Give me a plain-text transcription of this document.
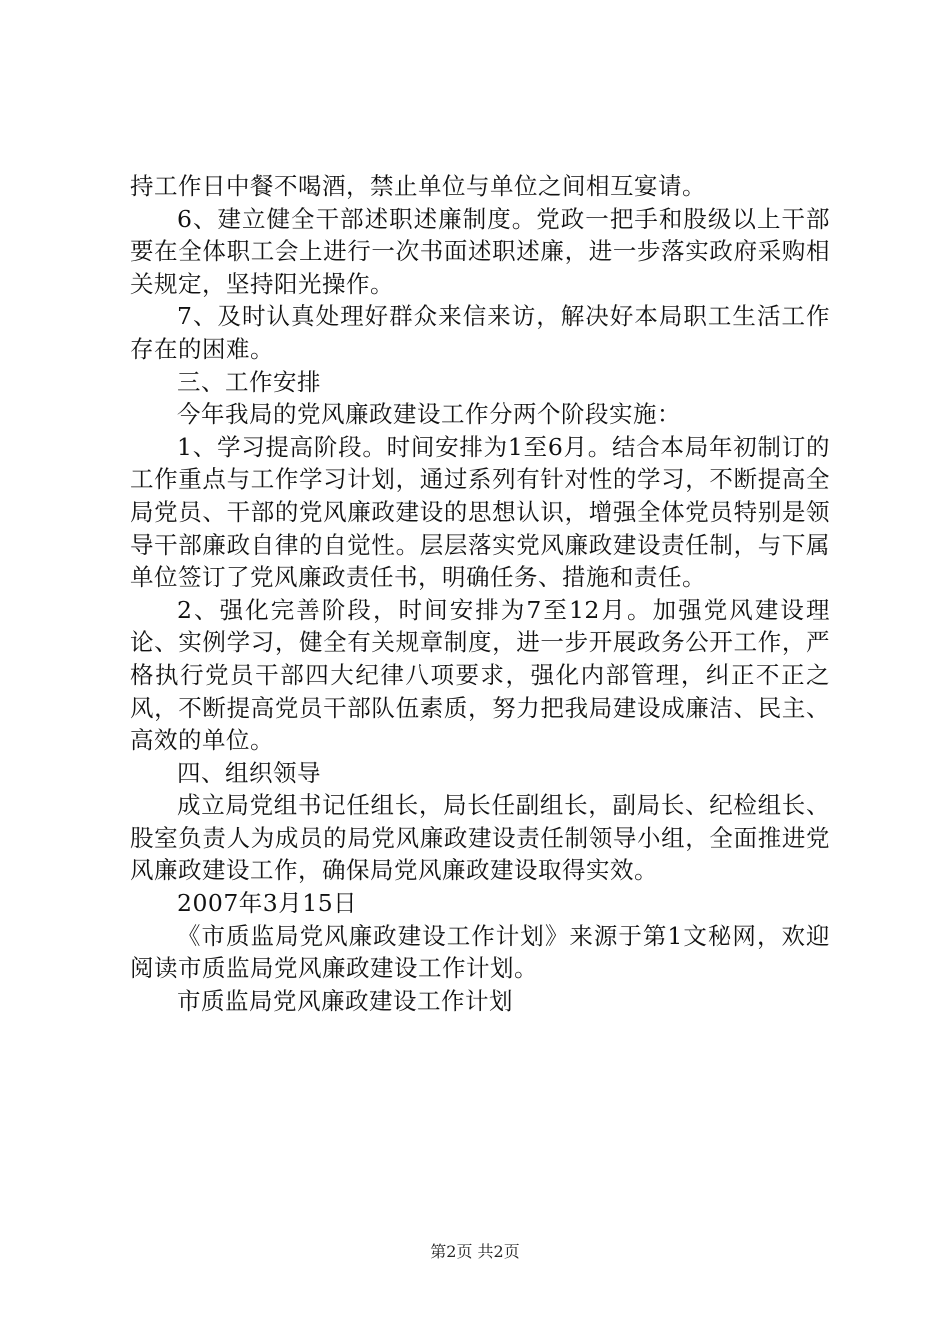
持工作日中餐不喝酒，禁止单位与单位之间相互宴请。

6、建立健全干部述职述廉制度。党政一把手和股级以上干部要在全体职工会上进行一次书面述职述廉，进一步落实政府采购相关规定，坚持阳光操作。

7、及时认真处理好群众来信来访，解决好本局职工生活工作存在的困难。

三、工作安排

今年我局的党风廉政建设工作分两个阶段实施：

1、学习提高阶段。时间安排为1至6月。结合本局年初制订的工作重点与工作学习计划，通过系列有针对性的学习，不断提高全局党员、干部的党风廉政建设的思想认识，增强全体党员特别是领导干部廉政自律的自觉性。层层落实党风廉政建设责任制，与下属单位签订了党风廉政责任书，明确任务、措施和责任。

2、强化完善阶段，时间安排为7至12月。加强党风建设理论、实例学习，健全有关规章制度，进一步开展政务公开工作，严格执行党员干部四大纪律八项要求，强化内部管理，纠正不正之风，不断提高党员干部队伍素质，努力把我局建设成廉洁、民主、高效的单位。

四、组织领导

成立局党组书记任组长，局长任副组长，副局长、纪检组长、股室负责人为成员的局党风廉政建设责任制领导小组，全面推进党风廉政建设工作，确保局党风廉政建设取得实效。

2007年3月15日

《市质监局党风廉政建设工作计划》来源于第1文秘网，欢迎阅读市质监局党风廉政建设工作计划。

市质监局党风廉政建设工作计划

第2页 共2页
